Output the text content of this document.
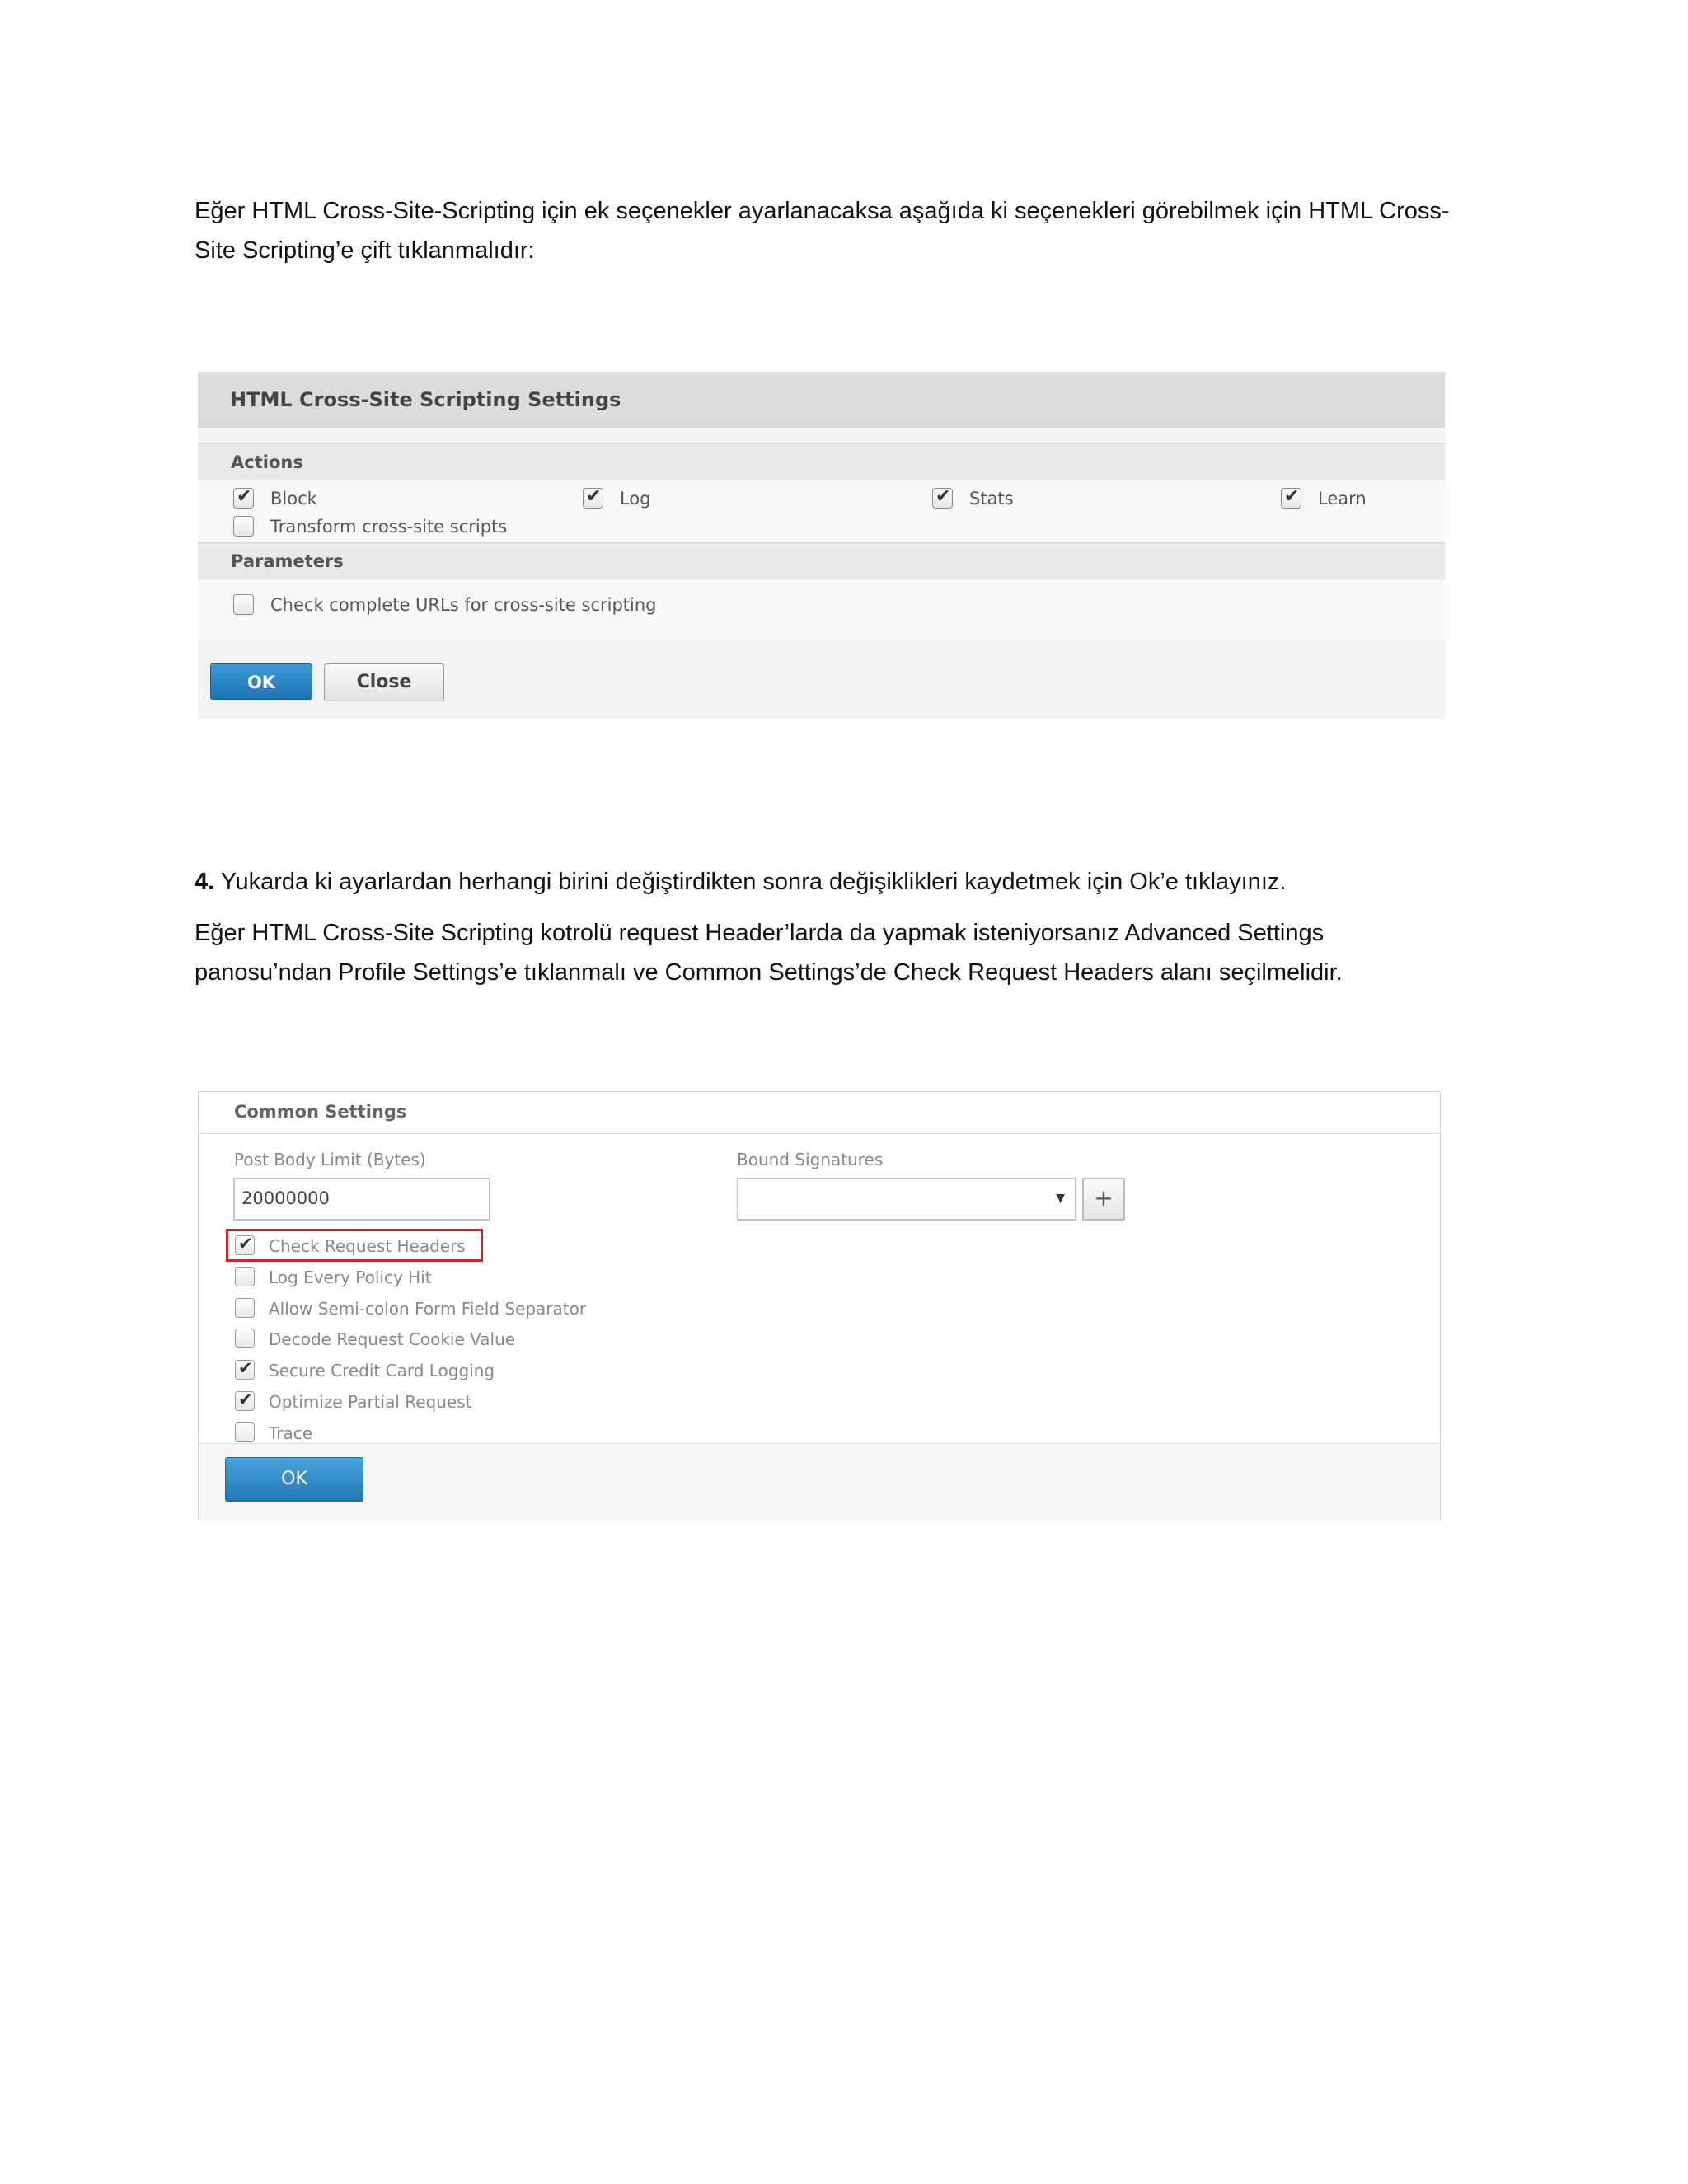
Eğer HTML Cross-Site-Scripting için ek seçenekler ayarlanacaksa aşağıda ki seçenekleri görebilmek için HTML Cross-
Site Scripting’e çift tıklanmalıdır:

HTML Cross-Site Scripting Settings
Actions
✔
Block ✔	Log ✔	Stats ✔	Learn
Transform cross-site scripts
Parameters
Check complete URLs for cross-site scripting
OK	Close

4. Yukarda ki ayarlardan herhangi birini değiştirdikten sonra değişiklikleri kaydetmek için Ok’e tıklayınız.

Eğer HTML Cross-Site Scripting kotrolü request Header’larda da yapmak isteniyorsanız Advanced Settings
panosu’ndan Profile Settings’e tıklanmalı ve Common Settings’de Check Request Headers alanı seçilmelidir.

Common Settings
Post Body Limit (Bytes)
20000000
Bound Signatures
▼	+
✔
Check Request Headers
Log Every Policy Hit
Allow Semi-colon Form Field Separator
Decode Request Cookie Value
✔
Secure Credit Card Logging
✔
Optimize Partial Request
Trace
OK
